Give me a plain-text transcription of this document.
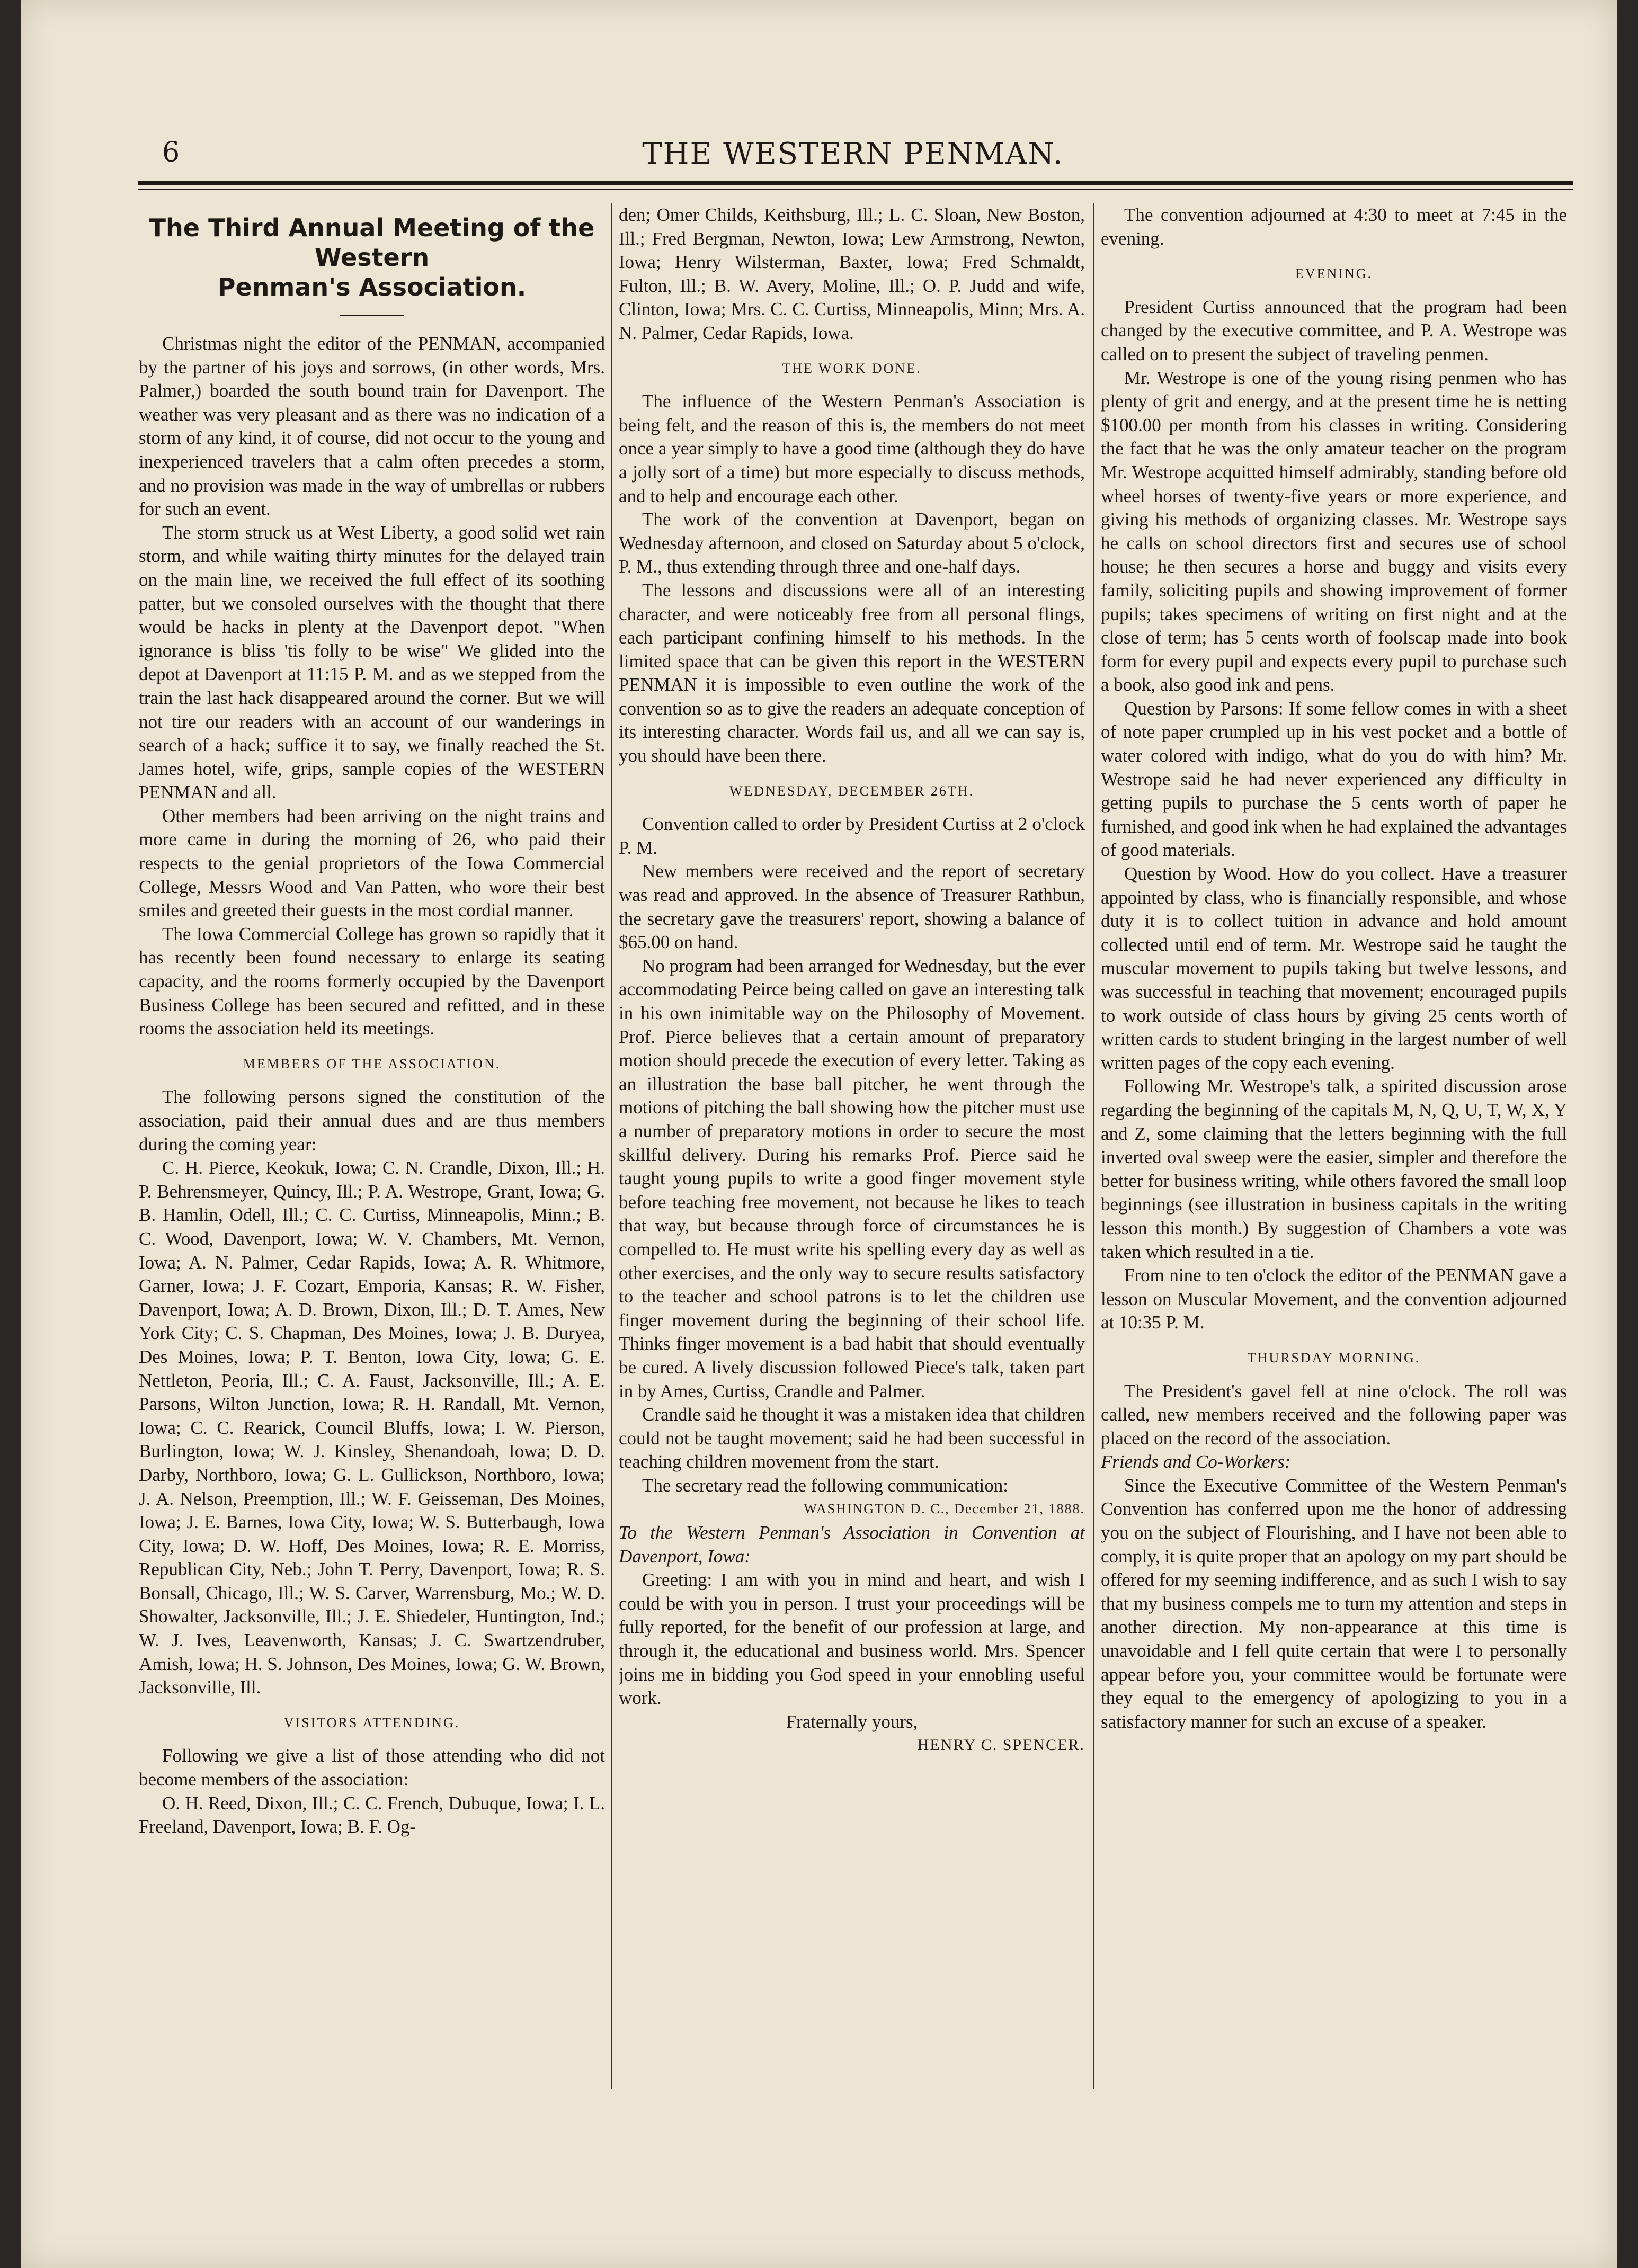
6	THE WESTERN PENMAN.
The Third Annual Meeting of the Western
Penman's Association.

Christmas night the editor of the PENMAN, accompanied by the partner of his joys and sorrows, (in other words, Mrs. Palmer,) boarded the south bound train for Davenport. The weather was very pleasant and as there was no indication of a storm of any kind, it of course, did not occur to the young and inexperienced travelers that a calm often precedes a storm, and no provision was made in the way of umbrellas or rubbers for such an event.

The storm struck us at West Liberty, a good solid wet rain storm, and while waiting thirty minutes for the delayed train on the main line, we received the full effect of its soothing patter, but we consoled ourselves with the thought that there would be hacks in plenty at the Davenport depot. "When ignorance is bliss 'tis folly to be wise" We glided into the depot at Davenport at 11:15 P. M. and as we stepped from the train the last hack disappeared around the corner. But we will not tire our readers with an account of our wanderings in search of a hack; suffice it to say, we finally reached the St. James hotel, wife, grips, sample copies of the WESTERN PENMAN and all.

Other members had been arriving on the night trains and more came in during the morning of 26, who paid their respects to the genial proprietors of the Iowa Commercial College, Messrs Wood and Van Patten, who wore their best smiles and greeted their guests in the most cordial manner.

The Iowa Commercial College has grown so rapidly that it has recently been found necessary to enlarge its seating capacity, and the rooms formerly occupied by the Davenport Business College has been secured and refitted, and in these rooms the association held its meetings.

MEMBERS OF THE ASSOCIATION.

The following persons signed the constitution of the association, paid their annual dues and are thus members during the coming year:

C. H. Pierce, Keokuk, Iowa; C. N. Crandle, Dixon, Ill.; H. P. Behrensmeyer, Quincy, Ill.; P. A. Westrope, Grant, Iowa; G. B. Hamlin, Odell, Ill.; C. C. Curtiss, Minneapolis, Minn.; B. C. Wood, Davenport, Iowa; W. V. Chambers, Mt. Vernon, Iowa; A. N. Palmer, Cedar Rapids, Iowa; A. R. Whitmore, Garner, Iowa; J. F. Cozart, Emporia, Kansas; R. W. Fisher, Davenport, Iowa; A. D. Brown, Dixon, Ill.; D. T. Ames, New York City; C. S. Chapman, Des Moines, Iowa; J. B. Duryea, Des Moines, Iowa; P. T. Benton, Iowa City, Iowa; G. E. Nettleton, Peoria, Ill.; C. A. Faust, Jacksonville, Ill.; A. E. Parsons, Wilton Junction, Iowa; R. H. Randall, Mt. Vernon, Iowa; C. C. Rearick, Council Bluffs, Iowa; I. W. Pierson, Burlington, Iowa; W. J. Kinsley, Shenandoah, Iowa; D. D. Darby, Northboro, Iowa; G. L. Gullickson, Northboro, Iowa; J. A. Nelson, Preemption, Ill.; W. F. Geisseman, Des Moines, Iowa; J. E. Barnes, Iowa City, Iowa; W. S. Butterbaugh, Iowa City, Iowa; D. W. Hoff, Des Moines, Iowa; R. E. Morriss, Republican City, Neb.; John T. Perry, Davenport, Iowa; R. S. Bonsall, Chicago, Ill.; W. S. Carver, Warrensburg, Mo.; W. D. Showalter, Jacksonville, Ill.; J. E. Shiedeler, Huntington, Ind.; W. J. Ives, Leavenworth, Kansas; J. C. Swartzendruber, Amish, Iowa; H. S. Johnson, Des Moines, Iowa; G. W. Brown, Jacksonville, Ill.

VISITORS ATTENDING.

Following we give a list of those attending who did not become members of the association:

O. H. Reed, Dixon, Ill.; C. C. French, Dubuque, Iowa; I. L. Freeland, Davenport, Iowa; B. F. Og-

den; Omer Childs, Keithsburg, Ill.; L. C. Sloan, New Boston, Ill.; Fred Bergman, Newton, Iowa; Lew Armstrong, Newton, Iowa; Henry Wilsterman, Baxter, Iowa; Fred Schmaldt, Fulton, Ill.; B. W. Avery, Moline, Ill.; O. P. Judd and wife, Clinton, Iowa; Mrs. C. C. Curtiss, Minneapolis, Minn; Mrs. A. N. Palmer, Cedar Rapids, Iowa.

THE WORK DONE.

The influence of the Western Penman's Association is being felt, and the reason of this is, the members do not meet once a year simply to have a good time (although they do have a jolly sort of a time) but more especially to discuss methods, and to help and encourage each other.

The work of the convention at Davenport, began on Wednesday afternoon, and closed on Saturday about 5 o'clock, P. M., thus extending through three and one-half days.

The lessons and discussions were all of an interesting character, and were noticeably free from all personal flings, each participant confining himself to his methods. In the limited space that can be given this report in the WESTERN PENMAN it is impossible to even outline the work of the convention so as to give the readers an adequate conception of its interesting character. Words fail us, and all we can say is, you should have been there.

WEDNESDAY, DECEMBER 26TH.

Convention called to order by President Curtiss at 2 o'clock P. M.

New members were received and the report of secretary was read and approved. In the absence of Treasurer Rathbun, the secretary gave the treasurers' report, showing a balance of $65.00 on hand.

No program had been arranged for Wednesday, but the ever accommodating Peirce being called on gave an interesting talk in his own inimitable way on the Philosophy of Movement. Prof. Pierce believes that a certain amount of preparatory motion should precede the execution of every letter. Taking as an illustration the base ball pitcher, he went through the motions of pitching the ball showing how the pitcher must use a number of preparatory motions in order to secure the most skillful delivery. During his remarks Prof. Pierce said he taught young pupils to write a good finger movement style before teaching free movement, not because he likes to teach that way, but because through force of circumstances he is compelled to. He must write his spelling every day as well as other exercises, and the only way to secure results satisfactory to the teacher and school patrons is to let the children use finger movement during the beginning of their school life. Thinks finger movement is a bad habit that should eventually be cured. A lively discussion followed Piece's talk, taken part in by Ames, Curtiss, Crandle and Palmer.

Crandle said he thought it was a mistaken idea that children could not be taught movement; said he had been successful in teaching children movement from the start.

The secretary read the following communication:

WASHINGTON D. C., December 21, 1888.

To the Western Penman's Association in Convention at Davenport, Iowa:

Greeting: I am with you in mind and heart, and wish I could be with you in person. I trust your proceedings will be fully reported, for the benefit of our profession at large, and through it, the educational and business world. Mrs. Spencer joins me in bidding you God speed in your ennobling useful work.

Fraternally yours,

HENRY C. SPENCER.

The convention adjourned at 4:30 to meet at 7:45 in the evening.

EVENING.

President Curtiss announced that the program had been changed by the executive committee, and P. A. Westrope was called on to present the subject of traveling penmen.

Mr. Westrope is one of the young rising penmen who has plenty of grit and energy, and at the present time he is netting $100.00 per month from his classes in writing. Considering the fact that he was the only amateur teacher on the program Mr. Westrope acquitted himself admirably, standing before old wheel horses of twenty-five years or more experience, and giving his methods of organizing classes. Mr. Westrope says he calls on school directors first and secures use of school house; he then secures a horse and buggy and visits every family, soliciting pupils and showing improvement of former pupils; takes specimens of writing on first night and at the close of term; has 5 cents worth of foolscap made into book form for every pupil and expects every pupil to purchase such a book, also good ink and pens.

Question by Parsons: If some fellow comes in with a sheet of note paper crumpled up in his vest pocket and a bottle of water colored with indigo, what do you do with him? Mr. Westrope said he had never experienced any difficulty in getting pupils to purchase the 5 cents worth of paper he furnished, and good ink when he had explained the advantages of good materials.

Question by Wood. How do you collect. Have a treasurer appointed by class, who is financially responsible, and whose duty it is to collect tuition in advance and hold amount collected until end of term. Mr. Westrope said he taught the muscular movement to pupils taking but twelve lessons, and was successful in teaching that movement; encouraged pupils to work outside of class hours by giving 25 cents worth of written cards to student bringing in the largest number of well written pages of the copy each evening.

Following Mr. Westrope's talk, a spirited discussion arose regarding the beginning of the capitals M, N, Q, U, T, W, X, Y and Z, some claiming that the letters beginning with the full inverted oval sweep were the easier, simpler and therefore the better for business writing, while others favored the small loop beginnings (see illustration in business capitals in the writing lesson this month.) By suggestion of Chambers a vote was taken which resulted in a tie.

From nine to ten o'clock the editor of the PENMAN gave a lesson on Muscular Movement, and the convention adjourned at 10:35 P. M.

THURSDAY MORNING.

The President's gavel fell at nine o'clock. The roll was called, new members received and the following paper was placed on the record of the association.

Friends and Co-Workers:

Since the Executive Committee of the Western Penman's Convention has conferred upon me the honor of addressing you on the subject of Flourishing, and I have not been able to comply, it is quite proper that an apology on my part should be offered for my seeming indifference, and as such I wish to say that my business compels me to turn my attention and steps in another direction. My non-appearance at this time is unavoidable and I fell quite certain that were I to personally appear before you, your committee would be fortunate were they equal to the emergency of apologizing to you in a satisfactory manner for such an excuse of a speaker.
